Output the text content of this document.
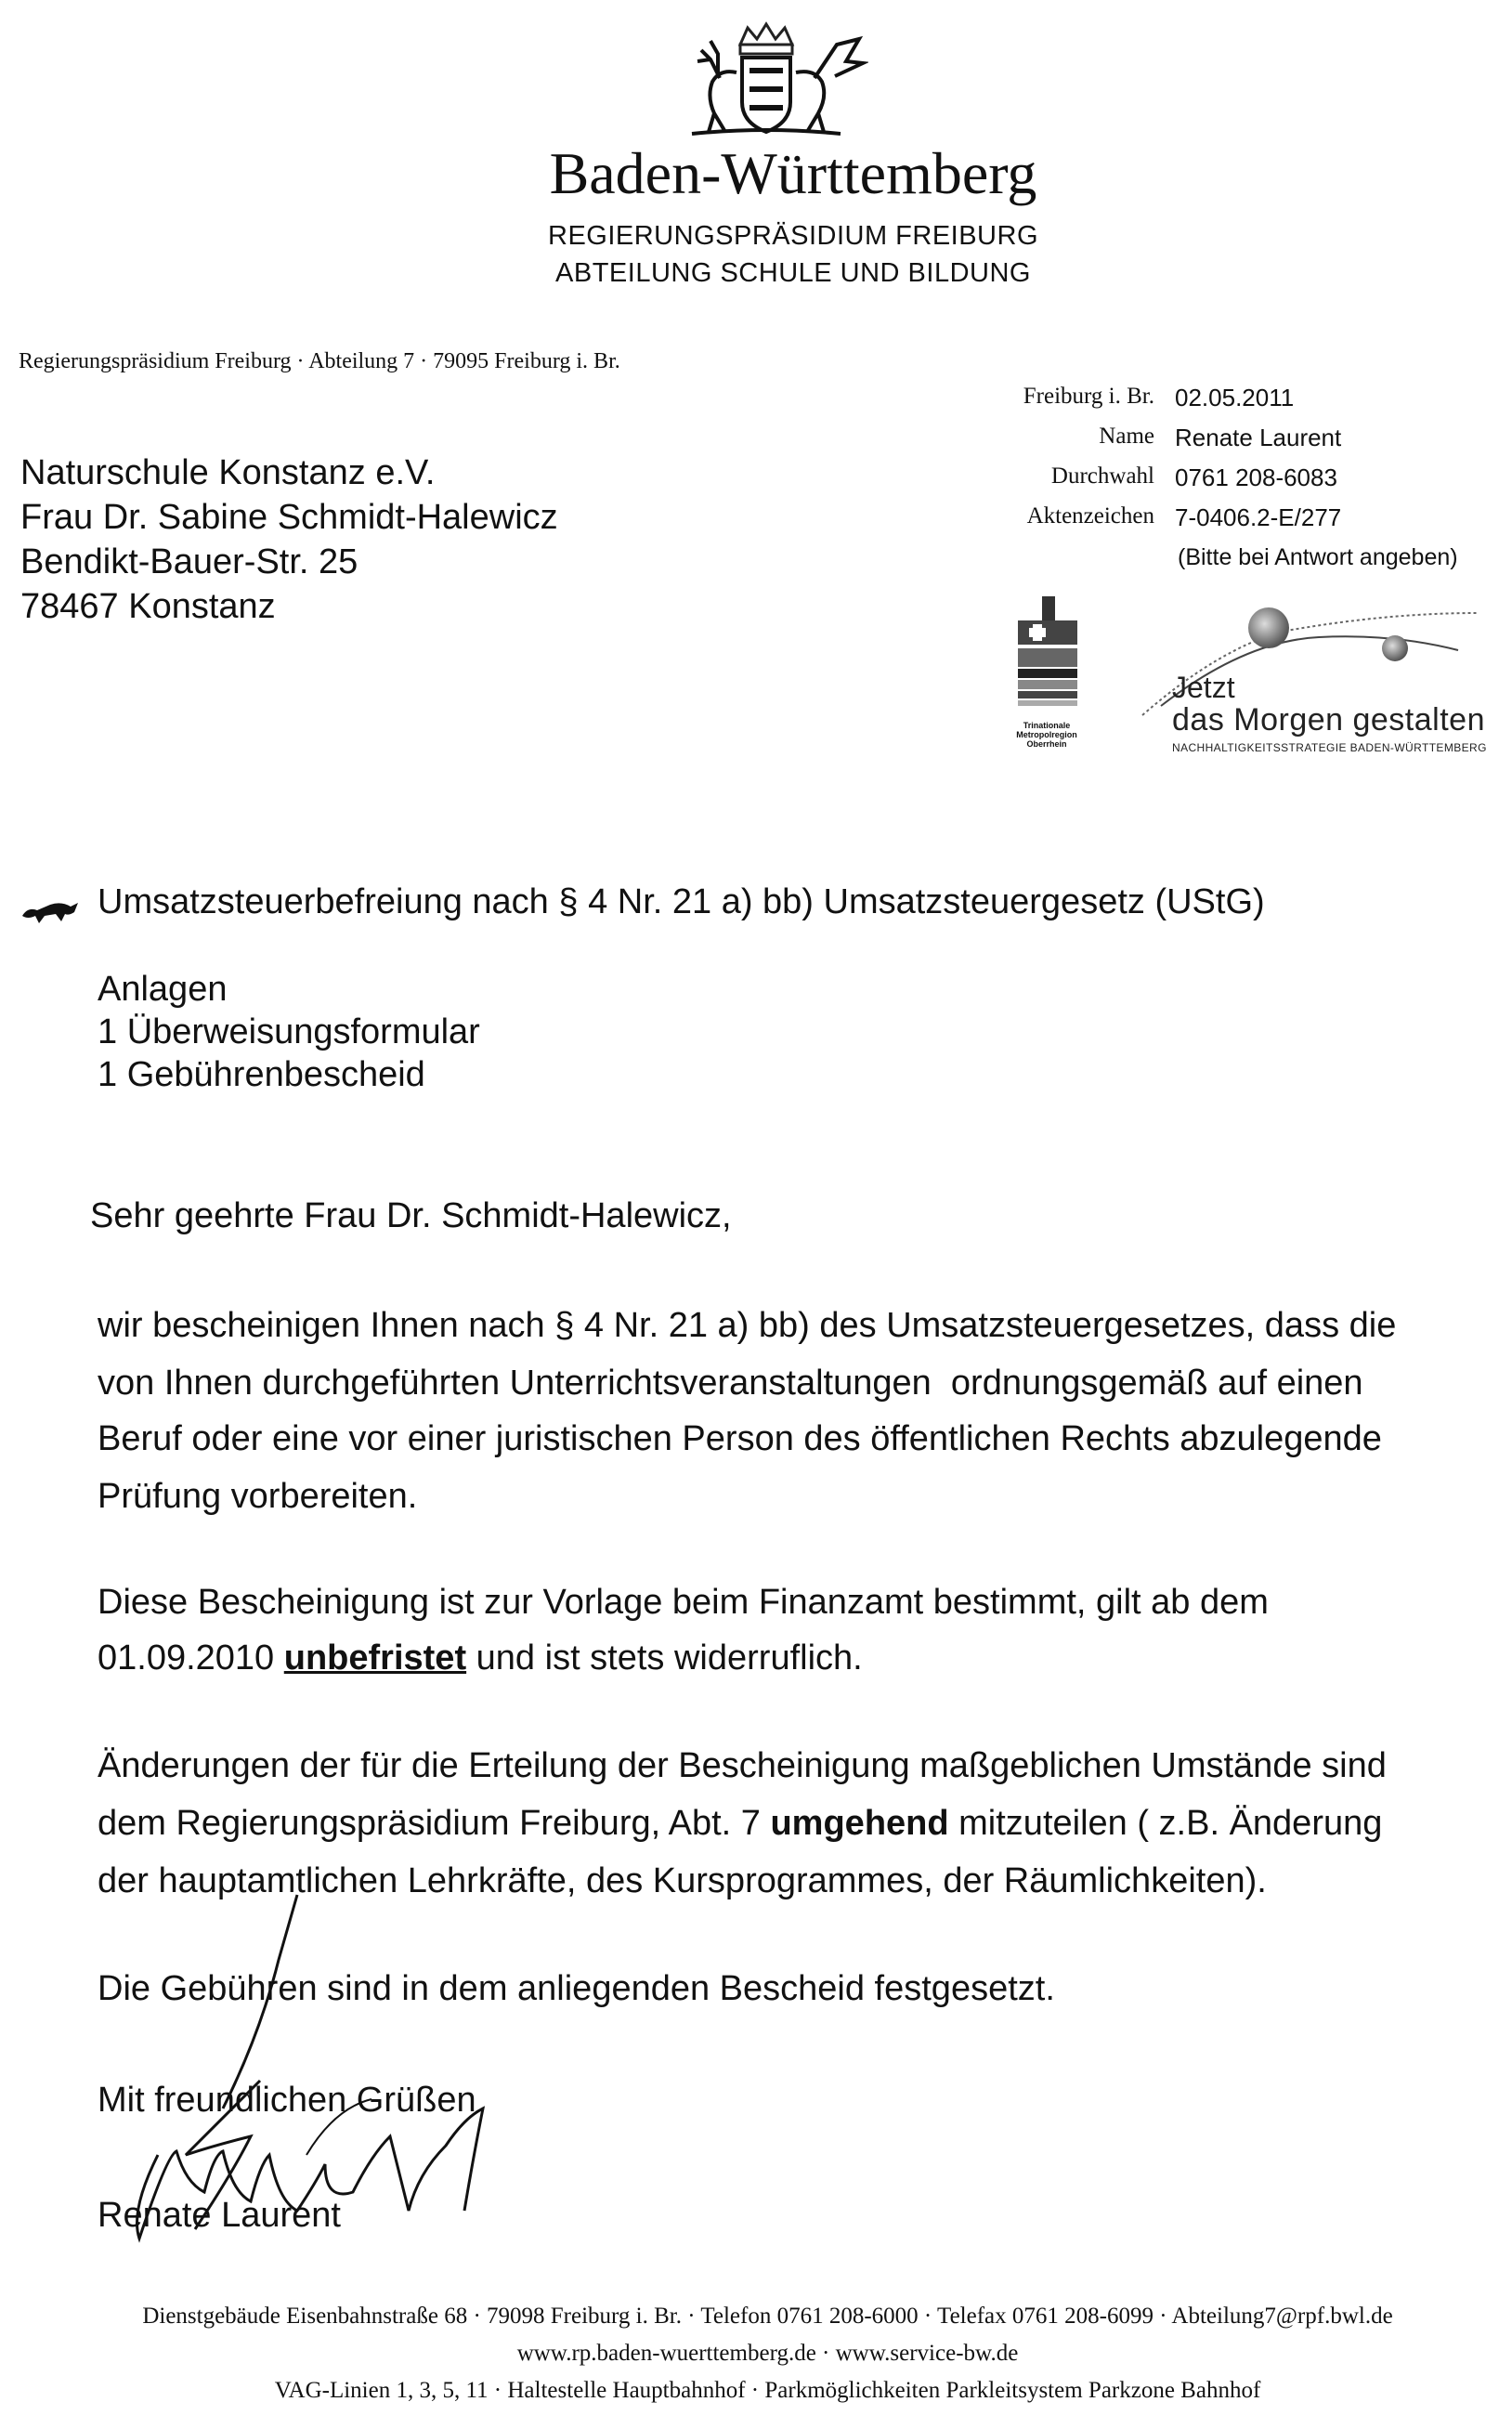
Baden-Württemberg
REGIERUNGSPRÄSIDIUM FREIBURG
ABTEILUNG SCHULE UND BILDUNG
Regierungspräsidium Freiburg · Abteilung 7 · 79095 Freiburg i. Br.
Naturschule Konstanz e.V.
Frau Dr. Sabine Schmidt-Halewicz
Bendikt-Bauer-Str. 25
78467 Konstanz
Freiburg i. Br. 02.05.2011
Name Renate Laurent
Durchwahl 0761 208-6083
Aktenzeichen 7-0406.2-E/277
(Bitte bei Antwort angeben)
Trinationale
Metropolregion
Oberrhein
Jetzt
das Morgen gestalten
NACHHALTIGKEITSSTRATEGIE BADEN-WÜRTTEMBERG
Umsatzsteuerbefreiung nach § 4 Nr. 21 a) bb) Umsatzsteuergesetz (UStG)
Anlagen
1 Überweisungsformular
1 Gebührenbescheid
Sehr geehrte Frau Dr. Schmidt-Halewicz,
wir bescheinigen Ihnen nach § 4 Nr. 21 a) bb) des Umsatzsteuergesetzes, dass die
von Ihnen durchgeführten Unterrichtsveranstaltungen  ordnungsgemäß auf einen
Beruf oder eine vor einer juristischen Person des öffentlichen Rechts abzulegende
Prüfung vorbereiten.
Diese Bescheinigung ist zur Vorlage beim Finanzamt bestimmt, gilt ab dem
01.09.2010 unbefristet und ist stets widerruflich.
Änderungen der für die Erteilung der Bescheinigung maßgeblichen Umstände sind
dem Regierungspräsidium Freiburg, Abt. 7 umgehend mitzuteilen ( z.B. Änderung
der hauptamtlichen Lehrkräfte, des Kursprogrammes, der Räumlichkeiten).
Die Gebühren sind in dem anliegenden Bescheid festgesetzt.
Mit freundlichen Grüßen
Renate Laurent
Dienstgebäude Eisenbahnstraße 68 · 79098 Freiburg i. Br. · Telefon 0761 208-6000 · Telefax 0761 208-6099 · Abteilung7@rpf.bwl.de
www.rp.baden-wuerttemberg.de · www.service-bw.de
VAG-Linien 1, 3, 5, 11 · Haltestelle Hauptbahnhof · Parkmöglichkeiten Parkleitsystem Parkzone Bahnhof
